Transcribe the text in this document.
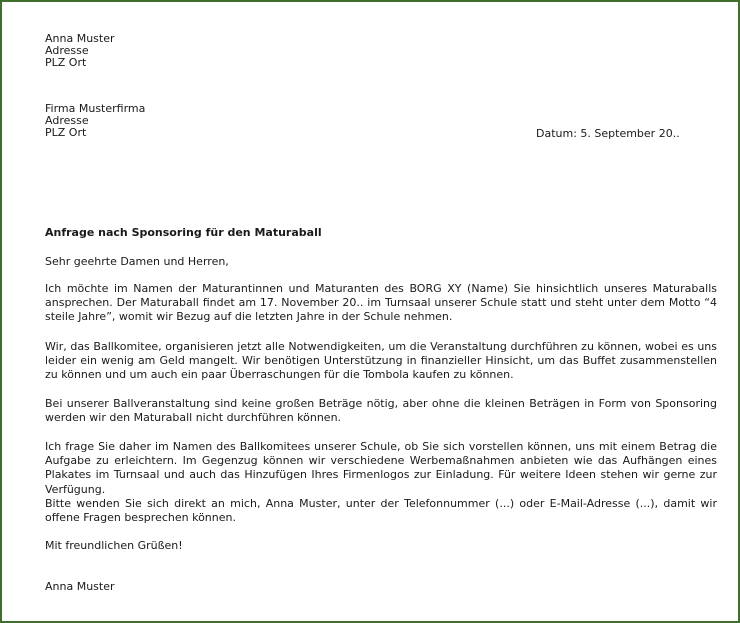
Anna Muster
Adresse
PLZ Ort
Firma Musterfirma
Adresse
PLZ Ort	Datum: 5. September 20..
Anfrage nach Sponsoring für den Maturaball
Sehr geehrte Damen und Herren,

Ich möchte im Namen der Maturantinnen und Maturanten des BORG XY (Name) Sie hinsichtlich unseres Maturaballs ansprechen. Der Maturaball findet am 17. November 20.. im Turnsaal unserer Schule statt und steht unter dem Motto “4 steile Jahre”, womit wir Bezug auf die letzten Jahre in der Schule nehmen.

Wir, das Ballkomitee, organisieren jetzt alle Notwendigkeiten, um die Veranstaltung durchführen zu können, wobei es uns leider ein wenig am Geld mangelt. Wir benötigen Unterstützung in finanzieller Hinsicht, um das Buffet zusammenstellen zu können und um auch ein paar Überraschungen für die Tombola kaufen zu können.

Bei unserer Ballveranstaltung sind keine großen Beträge nötig, aber ohne die kleinen Beträgen in Form von Sponsoring werden wir den Maturaball nicht durchführen können.

Ich frage Sie daher im Namen des Ballkomitees unserer Schule, ob Sie sich vorstellen können, uns mit einem Betrag die Aufgabe zu erleichtern. Im Gegenzug können wir verschiedene Werbemaßnahmen anbieten wie das Aufhängen eines Plakates im Turnsaal und auch das Hinzufügen Ihres Firmenlogos zur Einladung. Für weitere Ideen stehen wir gerne zur Verfügung.

Bitte wenden Sie sich direkt an mich, Anna Muster, unter der Telefonnummer (...) oder E-Mail-Adresse (...), damit wir offene Fragen besprechen können.

Mit freundlichen Grüßen!
Anna Muster
